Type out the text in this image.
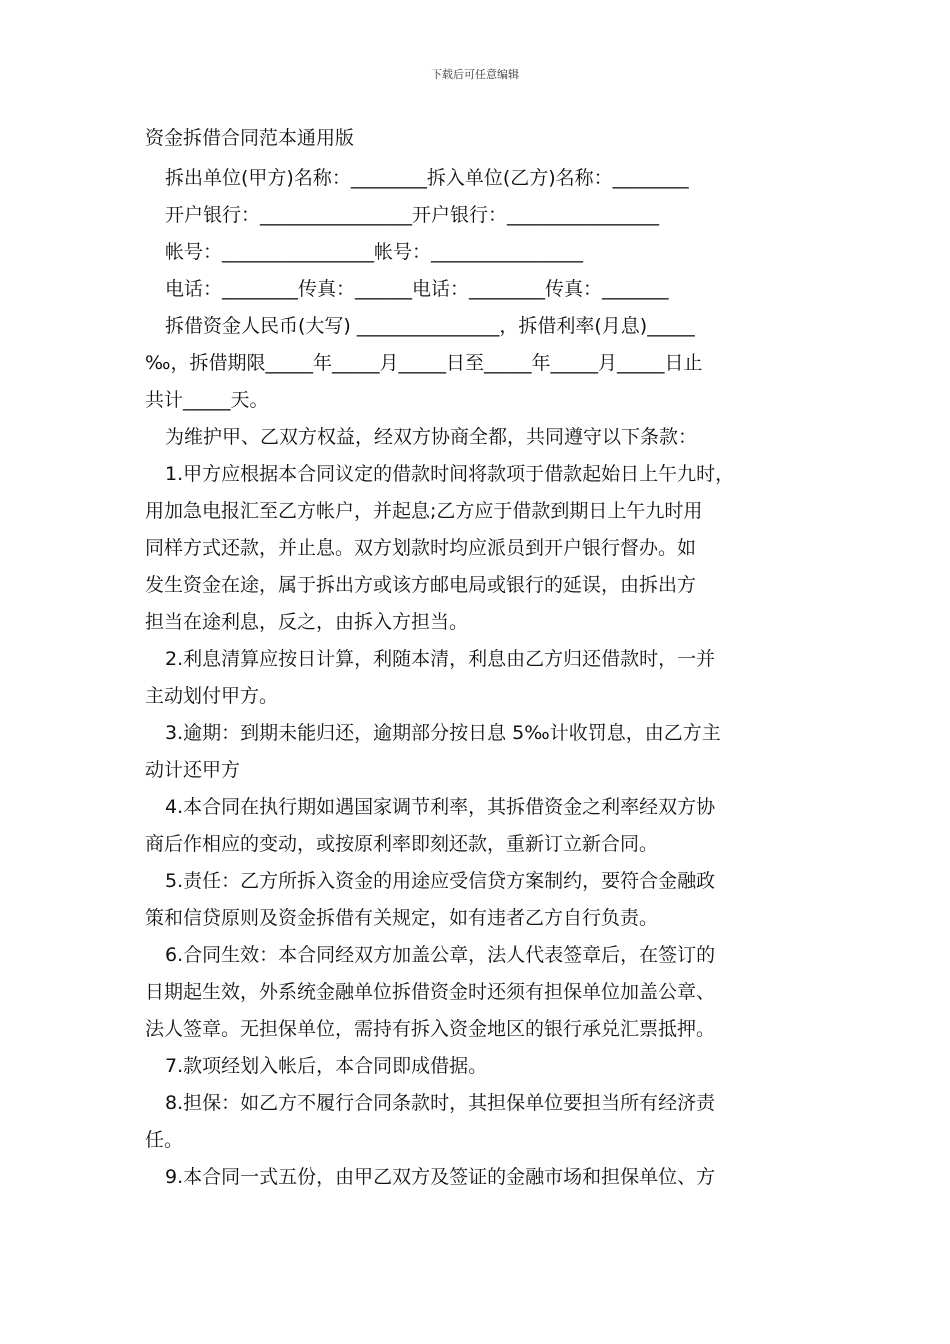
下载后可任意编辑

资金拆借合同范本通用版

拆出单位(甲方)名称：________拆入单位(乙方)名称：________

开户银行：________________开户银行：________________

帐号：________________帐号：________________

电话：________传真：______电话：________传真：_______

拆借资金人民币(大写) _______________，拆借利率(月息)_____

‰，拆借期限_____年_____月_____日至_____年_____月_____日止

共计_____天。

为维护甲、乙双方权益，经双方协商全都，共同遵守以下条款：

1.甲方应根据本合同议定的借款时间将款项于借款起始日上午九时，

用加急电报汇至乙方帐户，并起息;乙方应于借款到期日上午九时用

同样方式还款，并止息。双方划款时均应派员到开户银行督办。如

发生资金在途，属于拆出方或该方邮电局或银行的延误，由拆出方

担当在途利息，反之，由拆入方担当。

2.利息清算应按日计算，利随本清，利息由乙方归还借款时，一并

主动划付甲方。

3.逾期：到期未能归还，逾期部分按日息 5‰计收罚息，由乙方主

动计还甲方

4.本合同在执行期如遇国家调节利率，其拆借资金之利率经双方协

商后作相应的变动，或按原利率即刻还款，重新订立新合同。

5.责任：乙方所拆入资金的用途应受信贷方案制约，要符合金融政

策和信贷原则及资金拆借有关规定，如有违者乙方自行负责。

6.合同生效：本合同经双方加盖公章，法人代表签章后，在签订的

日期起生效，外系统金融单位拆借资金时还须有担保单位加盖公章、

法人签章。无担保单位，需持有拆入资金地区的银行承兑汇票抵押。

7.款项经划入帐后，本合同即成借据。

8.担保：如乙方不履行合同条款时，其担保单位要担当所有经济责

任。

9.本合同一式五份，由甲乙双方及签证的金融市场和担保单位、方
